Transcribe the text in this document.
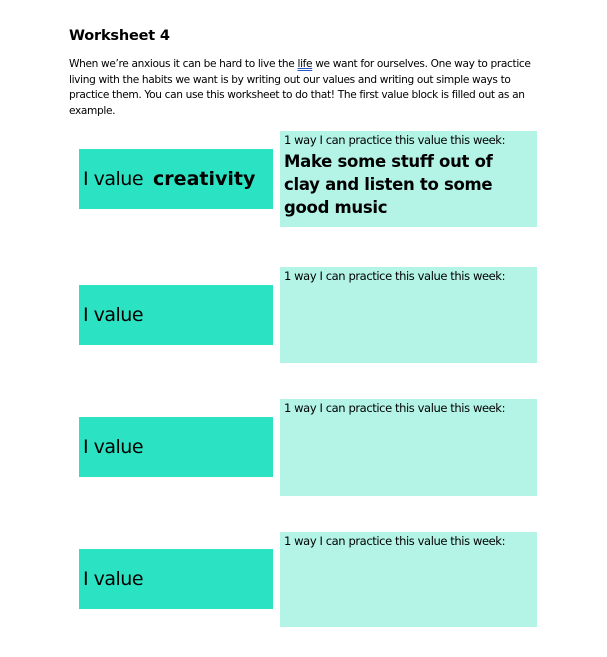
Worksheet 4
When we’re anxious it can be hard to live the life we want for ourselves. One way to practice living with the habits we want is by writing out our values and writing out simple ways to practice them. You can use this worksheet to do that! The first value block is filled out as an example.
I value creativity
1 way I can practice this value this week:
Make some stuff out of clay and listen to some good music
I value
1 way I can practice this value this week:
I value
1 way I can practice this value this week:
I value
1 way I can practice this value this week:
